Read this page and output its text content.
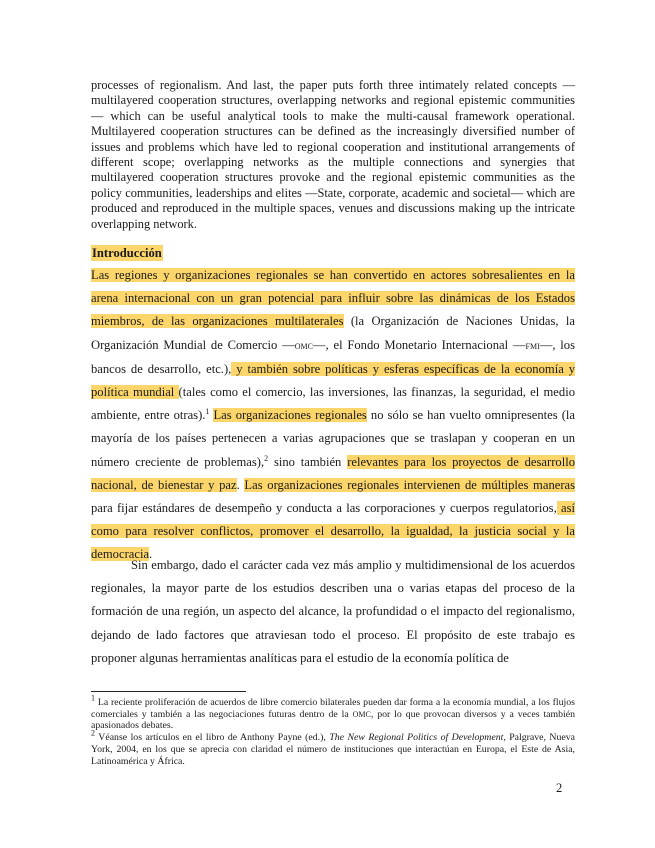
processes of regionalism. And last, the paper puts forth three intimately related concepts —multilayered cooperation structures, overlapping networks and regional epistemic communities— which can be useful analytical tools to make the multi-causal framework operational. Multilayered cooperation structures can be defined as the increasingly diversified number of issues and problems which have led to regional cooperation and institutional arrangements of different scope; overlapping networks as the multiple connections and synergies that multilayered cooperation structures provoke and the regional epistemic communities as the policy communities, leaderships and elites —State, corporate, academic and societal— which are produced and reproduced in the multiple spaces, venues and discussions making up the intricate overlapping network.

Introducción

Las regiones y organizaciones regionales se han convertido en actores sobresalientes en la arena internacional con un gran potencial para influir sobre las dinámicas de los Estados miembros, de las organizaciones multilaterales (la Organización de Naciones Unidas, la Organización Mundial de Comercio —OMC—, el Fondo Monetario Internacional —FMI—, los bancos de desarrollo, etc.), y también sobre políticas y esferas específicas de la economía y política mundial (tales como el comercio, las inversiones, las finanzas, la seguridad, el medio ambiente, entre otras).$^1$ Las organizaciones regionales no sólo se han vuelto omnipresentes (la mayoría de los países pertenecen a varias agrupaciones que se traslapan y cooperan en un número creciente de problemas),$^2$ sino también relevantes para los proyectos de desarrollo nacional, de bienestar y paz. Las organizaciones regionales intervienen de múltiples maneras para fijar estándares de desempeño y conducta a las corporaciones y cuerpos regulatorios, así como para resolver conflictos, promover el desarrollo, la igualdad, la justicia social y la democracia.

Sin embargo, dado el carácter cada vez más amplio y multidimensional de los acuerdos regionales, la mayor parte de los estudios describen una o varias etapas del proceso de la formación de una región, un aspecto del alcance, la profundidad o el impacto del regionalismo, dejando de lado factores que atraviesan todo el proceso. El propósito de este trabajo es proponer algunas herramientas analíticas para el estudio de la economía política de

$^1$ La reciente proliferación de acuerdos de libre comercio bilaterales pueden dar forma a la economía mundial, a los flujos comerciales y también a las negociaciones futuras dentro de la OMC, por lo que provocan diversos y a veces también apasionados debates.

$^2$ Véanse los artículos en el libro de Anthony Payne (ed.), The New Regional Politics of Development, Palgrave, Nueva York, 2004, en los que se aprecia con claridad el número de instituciones que interactúan en Europa, el Este de Asia, Latinoamérica y África.

2
